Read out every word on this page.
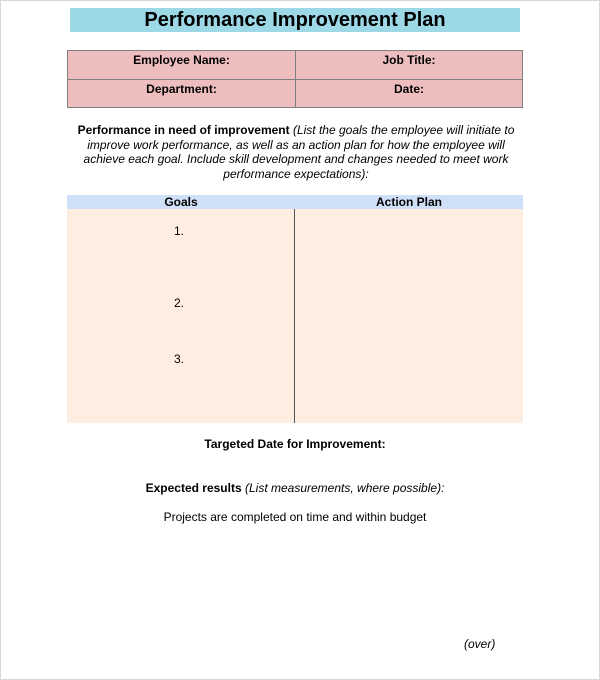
Performance Improvement Plan
Employee Name:	Job Title:
Department:	Date:
Performance in need of improvement (List the goals the employee will initiate to improve work performance, as well as an action plan for how the employee will achieve each goal. Include skill development and changes needed to meet work performance expectations):
Goals	Action Plan
1.
2.
3.
Targeted Date for Improvement:
Expected results (List measurements, where possible):
Projects are completed on time and within budget
(over)
